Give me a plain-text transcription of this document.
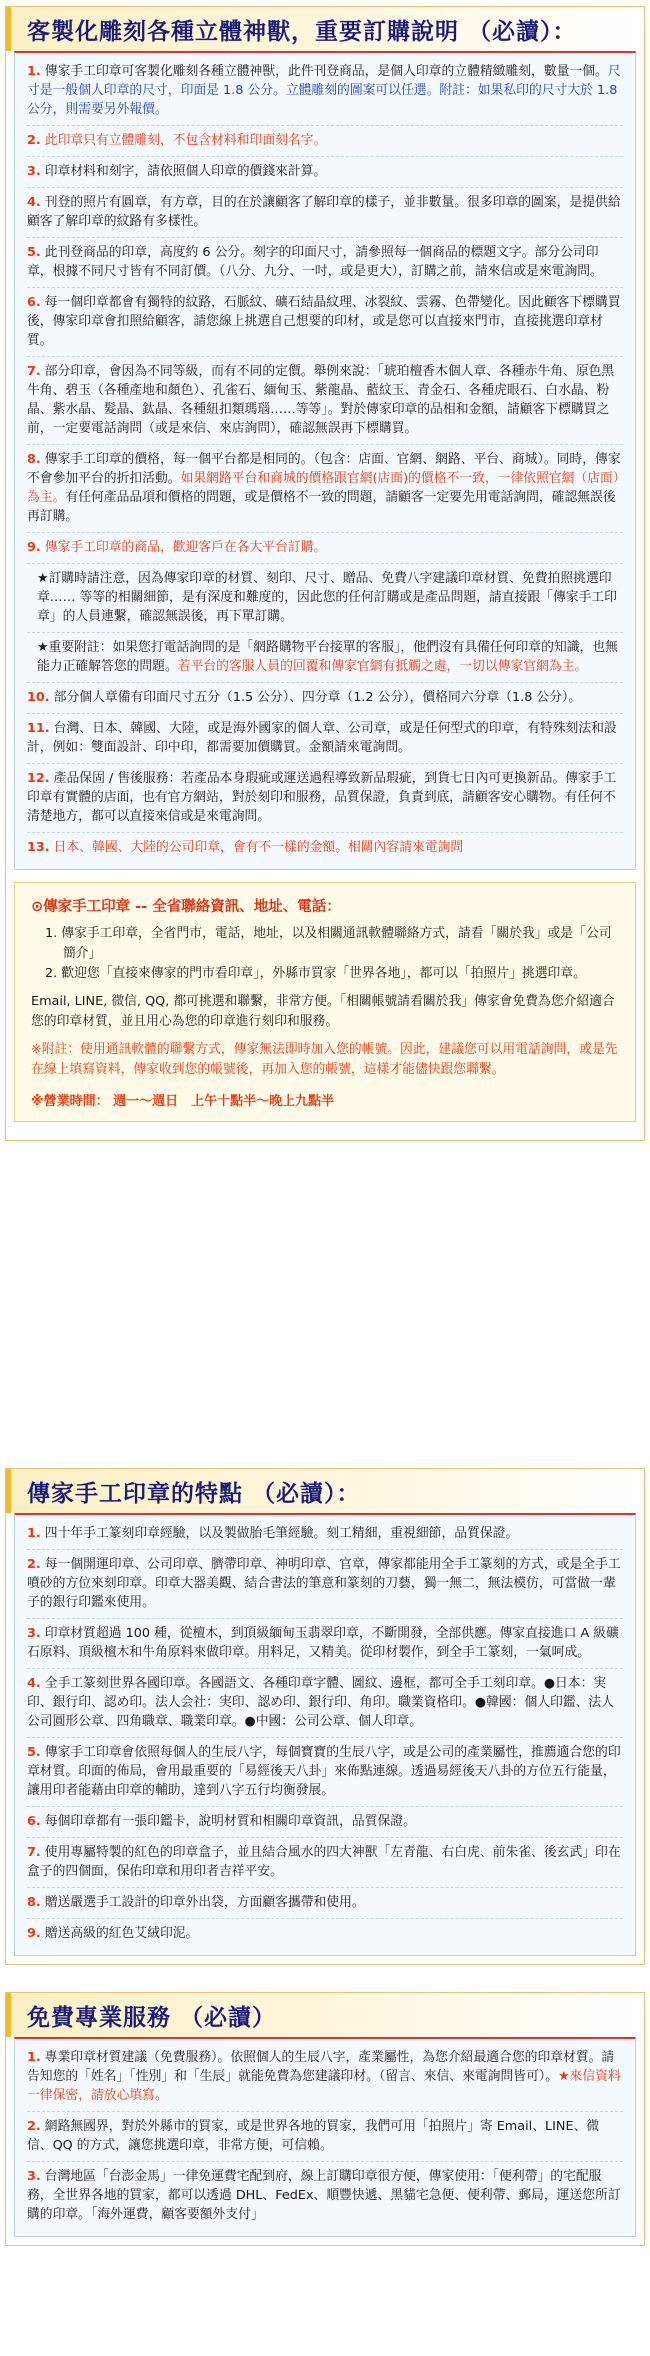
客製化雕刻各種立體神獸，重要訂購說明 （必讀）：
1. 傳家手工印章可客製化雕刻各種立體神獸，此件刊登商品，是個人印章的立體精緻雕刻，數量一個。尺寸是一般個人印章的尺寸，印面是 1.8 公分。立體雕刻的圖案可以任選。附註：如果私印的尺寸大於 1.8 公分，則需要另外報價。
2. 此印章只有立體雕刻，不包含材料和印面刻名字。
3. 印章材料和刻字，請依照個人印章的價錢來計算。
4. 刊登的照片有圓章，有方章，目的在於讓顧客了解印章的樣子，並非數量。很多印章的圖案，是提供給顧客了解印章的紋路有多樣性。
5. 此刊登商品的印章，高度約 6 公分。刻字的印面尺寸，請參照每一個商品的標題文字。部分公司印章，根據不同尺寸皆有不同訂價。（八分、九分、一吋，或是更大），訂購之前，請來信或是來電詢問。
6. 每一個印章都會有獨特的紋路，石脈紋、礦石結晶紋理、冰裂紋、雲霧、色帶變化。因此顧客下標購買後，傳家印章會扣照給顧客，請您線上挑選自己想要的印材，或是您可以直接來門市，直接挑選印章材質。
7. 部分印章，會因為不同等級，而有不同的定價。舉例來說：「琥珀檀香木個人章、各種赤牛角、原色黑牛角、碧玉（各種產地和顏色）、孔雀石、緬甸玉、紫龍晶、藍紋玉、青金石、各種虎眼石、白水晶、粉晶、紫水晶、髮晶、鈦晶、各種紐扣類瑪瑙……等等」。對於傳家印章的品相和金額，請顧客下標購買之前，一定要電話詢問（或是來信、來店詢問），確認無誤再下標購買。
8. 傳家手工印章的價格，每一個平台都是相同的。（包含：店面、官網、網路、平台、商城）。同時，傳家不會參加平台的折扣活動。如果網路平台和商城的價格跟官網(店面)的價格不一致，一律依照官網（店面）為主。有任何產品品項和價格的問題，或是價格不一致的問題，請顧客一定要先用電話詢問，確認無誤後再訂購。
9. 傳家手工印章的商品，歡迎客戶在各大平台訂購。
★訂購時請注意，因為傳家印章的材質、刻印、尺寸、贈品、免費八字建議印章材質、免費拍照挑選印章…… 等等的相關細節，是有深度和難度的，因此您的任何訂購或是產品問題，請直接跟「傳家手工印章」的人員連繫，確認無誤後，再下單訂購。
★重要附註：如果您打電話詢問的是「網路購物平台接單的客服」，他們沒有具備任何印章的知識，也無能力正確解答您的問題。若平台的客服人員的回覆和傳家官網有抵觸之處，一切以傳家官網為主。
10. 部分個人章備有印面尺寸五分（1.5 公分）、四分章（1.2 公分），價格同六分章（1.8 公分）。
11. 台灣、日本、韓國、大陸，或是海外國家的個人章、公司章，或是任何型式的印章，有特殊刻法和設計，例如：雙面設計、印中印，都需要加價購買。金額請來電詢問。
12. 產品保固 / 售後服務：若產品本身瑕疵或運送過程導致新品瑕疵，到貨七日內可更換新品。傳家手工印章有實體的店面，也有官方網站，對於刻印和服務，品質保證，負責到底，請顧客安心購物。有任何不清楚地方，都可以直接來信或是來電詢問。
13. 日本、韓國、大陸的公司印章，會有不一樣的金額。相關內容請來電詢問
⊙傳家手工印章 -- 全省聯絡資訊、地址、電話：
1. 傳家手工印章，全省門市，電話，地址，以及相關通訊軟體聯絡方式，請看「關於我」或是「公司簡介」
2. 歡迎您「直接來傳家的門市看印章」，外縣市買家「世界各地」，都可以「拍照片」挑選印章。
Email, LINE, 微信, QQ, 都可挑選和聯繫，非常方便。「相關帳號請看關於我」傳家會免費為您介紹適合您的印章材質，並且用心為您的印章進行刻印和服務。
※附註：使用通訊軟體的聯繫方式，傳家無法即時加入您的帳號。因此，建議您可以用電話詢問，或是先在線上填寫資料，傳家收到您的帳號後，再加入您的帳號，這樣才能儘快跟您聯繫。
※營業時間： 週一～週日　上午十點半～晚上九點半
傳家手工印章的特點 （必讀）：
1. 四十年手工篆刻印章經驗，以及製做胎毛筆經驗。刻工精細，重視細節，品質保證。
2. 每一個開運印章、公司印章、臍帶印章、神明印章、官章，傳家都能用全手工篆刻的方式，或是全手工噴砂的方位來刻印章。印章大器美觀、結合書法的筆意和篆刻的刀藝，獨一無二，無法模仿，可當做一輩子的銀行印鑑來使用。
3. 印章材質超過 100 種，從檀木，到頂級緬甸玉翡翠印章，不斷開發，全部供應。傳家直接進口 A 級礦石原料、頂級檀木和牛角原料來做印章。用料足，又精美。從印材製作，到全手工篆刻，一氣呵成。
4. 全手工篆刻世界各國印章。各國語文、各種印章字體、圖紋、邊框，都可全手工刻印章。●日本：実印、銀行印、認め印。法人会社：実印、認め印、銀行印、角印。職業資格印。●韓國：個人印鑑、法人公司圓形公章、四角職章、職業印章。●中國：公司公章、個人印章。
5. 傳家手工印章會依照每個人的生辰八字，每個寶寶的生辰八字，或是公司的產業屬性，推薦適合您的印章材質。印面的佈局，會用最重要的「易經後天八卦」來佈點連線。透過易經後天八卦的方位五行能量，讓用印者能藉由印章的輔助，達到八字五行均衡發展。
6. 每個印章都有一張印鑑卡，說明材質和相關印章資訊，品質保證。
7. 使用專屬特製的紅色的印章盒子，並且結合風水的四大神獸「左青龍、右白虎、前朱雀、後玄武」印在盒子的四個面，保佑印章和用印者吉祥平安。
8. 贈送嚴選手工設計的印章外出袋，方面顧客攜帶和使用。
9. 贈送高級的紅色艾絨印泥。
免費專業服務 （必讀）
1. 專業印章材質建議（免費服務）。依照個人的生辰八字，產業屬性，為您介紹最適合您的印章材質。請告知您的「姓名」「性別」和「生辰」就能免費為您建議印材。（留言、來信、來電詢問皆可）。★來信資料一律保密，請放心填寫。
2. 網路無國界，對於外縣市的買家，或是世界各地的買家，我們可用「拍照片」寄 Email、LINE、微信、QQ 的方式，讓您挑選印章，非常方便，可信賴。
3. 台灣地區「台澎金馬」一律免運費宅配到府，線上訂購印章很方便，傳家使用：「便利帶」的宅配服務，全世界各地的買家，都可以透過 DHL、FedEx、順豐快遞、黑貓宅急便、便利帶、郵局，運送您所訂購的印章。「海外運費，顧客要額外支付」
